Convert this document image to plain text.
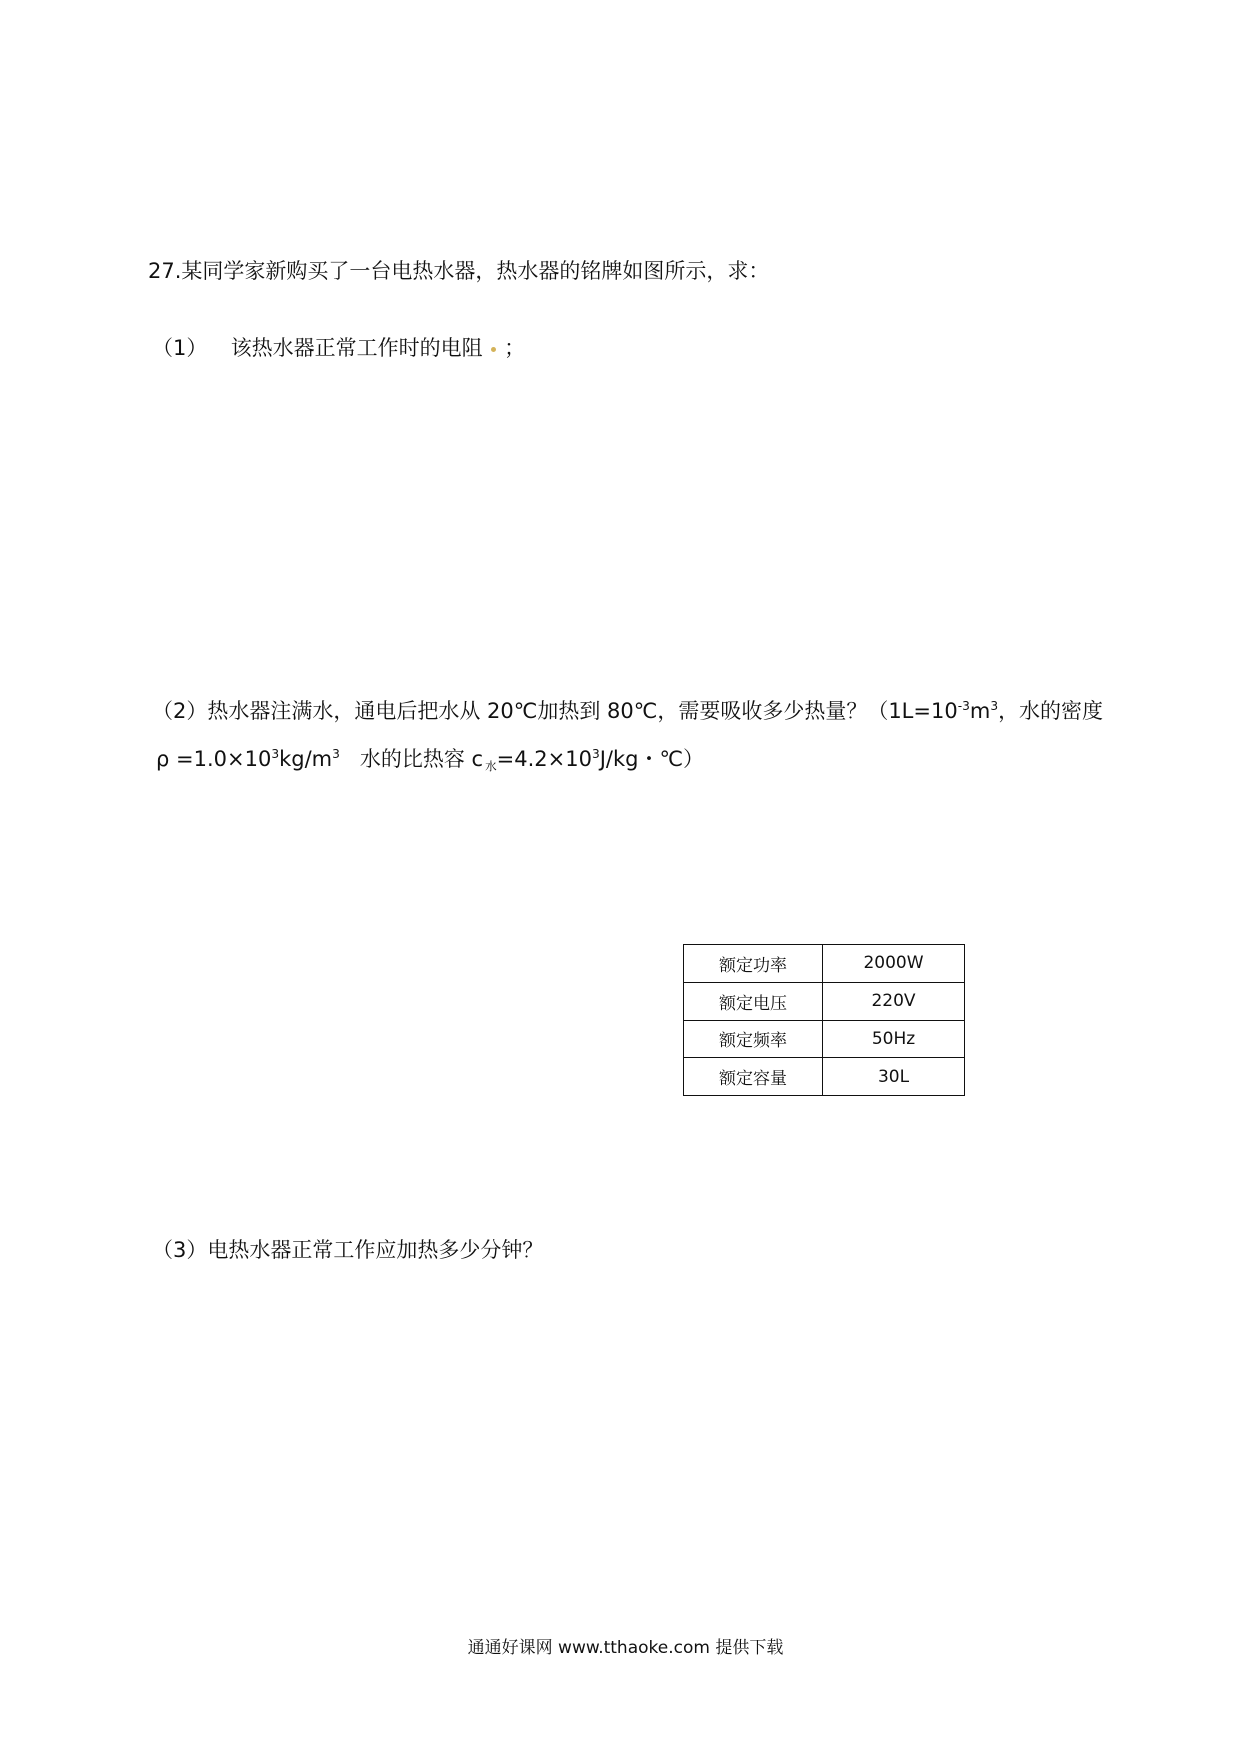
27.某同学家新购买了一台电热水器，热水器的铭牌如图所示，求：
（1） 该热水器正常工作时的电阻 ；
（2）热水器注满水，通电后把水从 20℃加热到 80℃，需要吸收多少热量？（$1L=10^{-3}m^3$，水的密度
$\rho =1.0\times 10^3kg/m^3$ 水的比热容 c $_水=4.2\times 10^3J/kg$・℃）
额定功率	2000W
额定电压	220V
额定频率	50Hz
额定容量	30L
（3）电热水器正常工作应加热多少分钟？
通通好课网 www.tthaoke.com 提供下载
